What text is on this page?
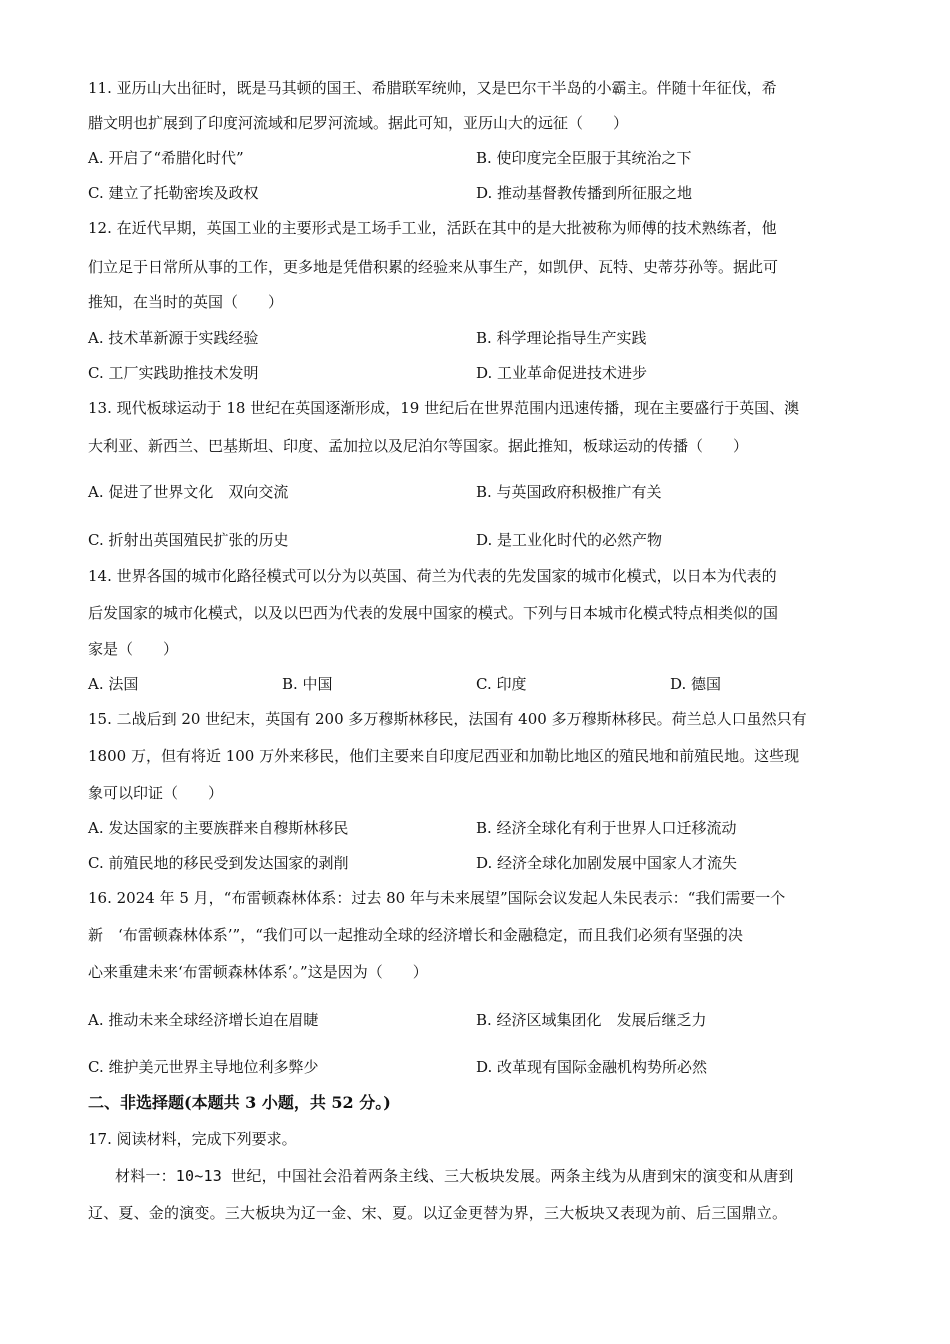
11. 亚历山大出征时，既是马其顿的国王、希腊联军统帅，又是巴尔干半岛的小霸主。伴随十年征伐，希
腊文明也扩展到了印度河流域和尼罗河流域。据此可知，亚历山大的远征（　　）
A. 开启了“希腊化时代”	B. 使印度完全臣服于其统治之下
C. 建立了托勒密埃及政权	D. 推动基督教传播到所征服之地
12. 在近代早期，英国工业的主要形式是工场手工业，活跃在其中的是大批被称为师傅的技术熟练者，他
们立足于日常所从事的工作，更多地是凭借积累的经验来从事生产，如凯伊、瓦特、史蒂芬孙等。据此可
推知，在当时的英国（　　）
A. 技术革新源于实践经验	B. 科学理论指导生产实践
C. 工厂实践助推技术发明	D. 工业革命促进技术进步
13. 现代板球运动于 18 世纪在英国逐渐形成，19 世纪后在世界范围内迅速传播，现在主要盛行于英国、澳
大利亚、新西兰、巴基斯坦、印度、孟加拉以及尼泊尔等国家。据此推知，板球运动的传播（　　）
A. 促进了世界文化　双向交流	B. 与英国政府积极推广有关
C. 折射出英国殖民扩张的历史	D. 是工业化时代的必然产物
14. 世界各国的城市化路径模式可以分为以英国、荷兰为代表的先发国家的城市化模式，以日本为代表的
后发国家的城市化模式，以及以巴西为代表的发展中国家的模式。下列与日本城市化模式特点相类似的国
家是（　　）
A. 法国	B. 中国	C. 印度	D. 德国
15. 二战后到 20 世纪末，英国有 200 多万穆斯林移民，法国有 400 多万穆斯林移民。荷兰总人口虽然只有
1800 万，但有将近 100 万外来移民，他们主要来自印度尼西亚和加勒比地区的殖民地和前殖民地。这些现
象可以印证（　　）
A. 发达国家的主要族群来自穆斯林移民	B. 经济全球化有利于世界人口迁移流动
C. 前殖民地的移民受到发达国家的剥削	D. 经济全球化加剧发展中国家人才流失
16. 2024 年 5 月，“布雷顿森林体系：过去 80 年与未来展望”国际会议发起人朱民表示：“我们需要一个
新　‘布雷顿森林体系’”，“我们可以一起推动全球的经济增长和金融稳定，而且我们必须有坚强的决
心来重建未来‘布雷顿森林体系’。”这是因为（　　）
A. 推动未来全球经济增长迫在眉睫	B. 经济区域集团化　发展后继乏力
C. 维护美元世界主导地位利多弊少	D. 改革现有国际金融机构势所必然
二、非选择题(本题共 3 小题，共 52 分。)
17. 阅读材料，完成下列要求。
材料一：10~13 世纪，中国社会沿着两条主线、三大板块发展。两条主线为从唐到宋的演变和从唐到
辽、夏、金的演变。三大板块为辽一金、宋、夏。以辽金更替为界，三大板块又表现为前、后三国鼎立。
